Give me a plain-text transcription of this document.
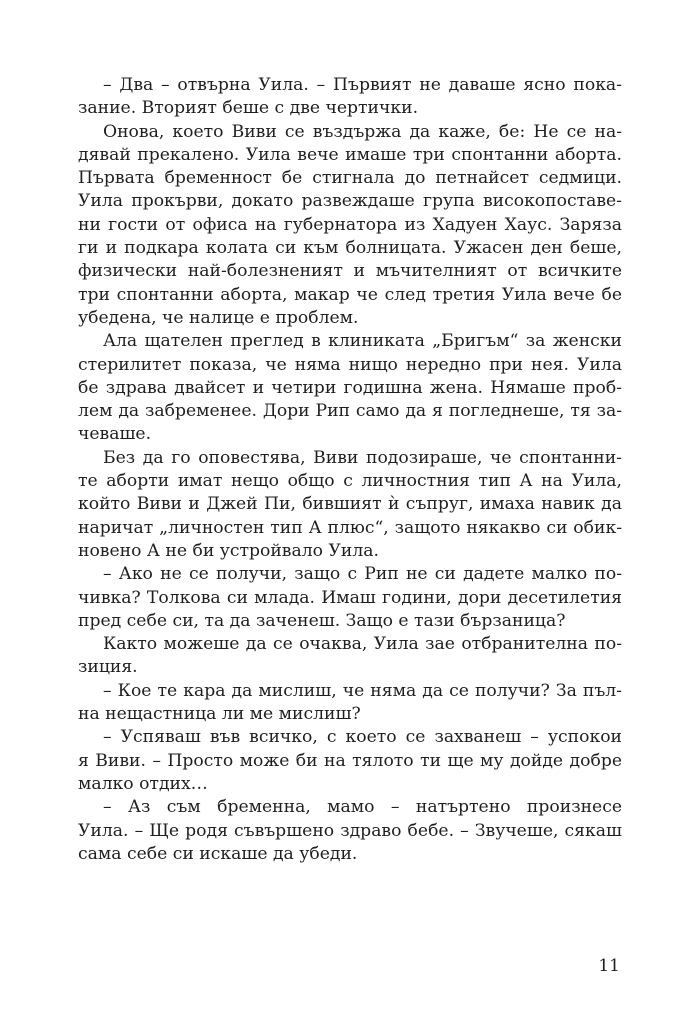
– Два – отвърна Уила. – Първият не даваше ясно пока-
зание. Вторият беше с две чертички.
Онова, което Виви се въздържа да каже, бе: Не се на-
дявай прекалено. Уила вече имаше три спонтанни аборта.
Първата бременност бе стигнала до петнайсет седмици.
Уила прокърви, докато развеждаше група високопоставе-
ни гости от офиса на губернатора из Хадуен Хаус. Заряза
ги и подкара колата си към болницата. Ужасен ден беше,
физически най-болезненият и мъчителният от всичките
три спонтанни аборта, макар че след третия Уила вече бе
убедена, че налице е проблем.
Ала щателен преглед в клиниката „Бригъм“ за женски
стерилитет показа, че няма нищо нередно при нея. Уила
бе здрава двайсет и четири годишна жена. Нямаше проб-
лем да забременее. Дори Рип само да я погледнеше, тя за-
чеваше.
Без да го оповестява, Виви подозираше, че спонтанни-
те аборти имат нещо общо с личностния тип А на Уила,
който Виви и Джей Пи, бившият ѝ съпруг, имаха навик да
наричат „личностен тип А плюс“, защото някакво си обик-
новено А не би устройвало Уила.
– Ако не се получи, защо с Рип не си дадете малко по-
чивка? Толкова си млада. Имаш години, дори десетилетия
пред себе си, та да заченеш. Защо е тази бързаница?
Както можеше да се очаква, Уила зае отбранителна по-
зиция.
– Кое те кара да мислиш, че няма да се получи? За пъл-
на нещастница ли ме мислиш?
– Успяваш във всичко, с което се захванеш – успокои
я Виви. – Просто може би на тялото ти ще му дойде добре
малко отдих…
– Аз съм бременна, мамо – натъртено произнесе
Уила. – Ще родя съвършено здраво бебе. – Звучеше, сякаш
сама себе си искаше да убеди.
11
